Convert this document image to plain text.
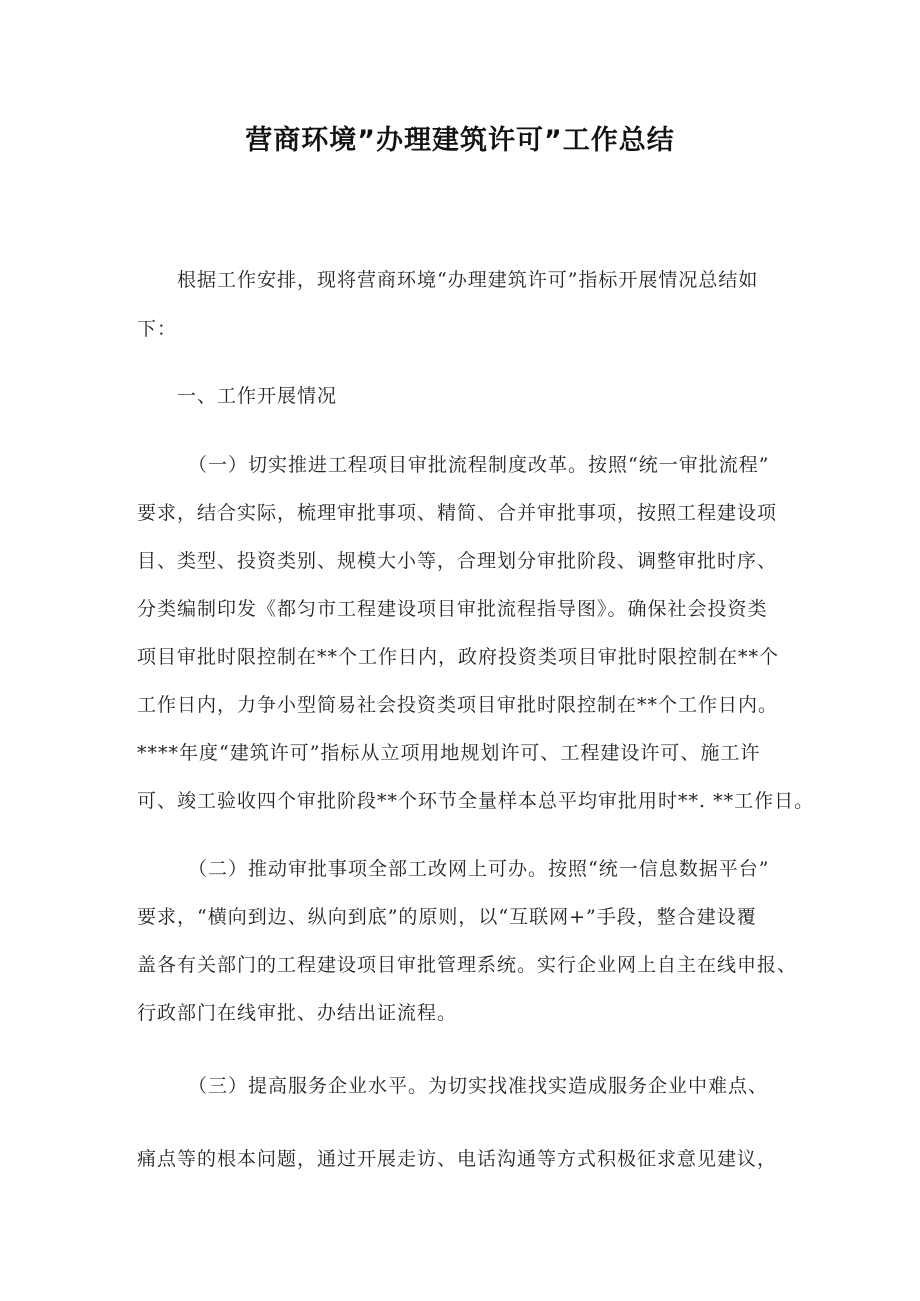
营商环境”办理建筑许可”工作总结
根据工作安排，现将营商环境“办理建筑许可”指标开展情况总结如
下：
一、工作开展情况
（一）切实推进工程项目审批流程制度改革。按照“统一审批流程”
要求，结合实际，梳理审批事项、精简、合并审批事项，按照工程建设项
目、类型、投资类别、规模大小等，合理划分审批阶段、调整审批时序、
分类编制印发《都匀市工程建设项目审批流程指导图》。确保社会投资类
项目审批时限控制在**个工作日内，政府投资类项目审批时限控制在**个
工作日内，力争小型简易社会投资类项目审批时限控制在**个工作日内。
****年度“建筑许可”指标从立项用地规划许可、工程建设许可、施工许
可、竣工验收四个审批阶段**个环节全量样本总平均审批用时**. **工作日。
（二）推动审批事项全部工改网上可办。按照“统一信息数据平台”
要求，“横向到边、纵向到底”的原则，以“互联网+”手段，整合建设覆
盖各有关部门的工程建设项目审批管理系统。实行企业网上自主在线申报、
行政部门在线审批、办结出证流程。
（三）提高服务企业水平。为切实找准找实造成服务企业中难点、
痛点等的根本问题，通过开展走访、电话沟通等方式积极征求意见建议，
